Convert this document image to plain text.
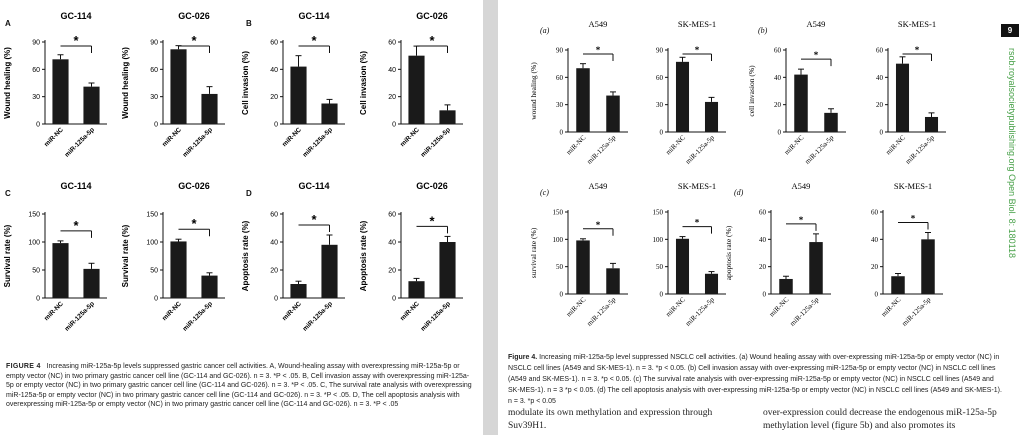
A	B
C	D
GC-114
Wound healing (%)
0
30
60
90
miR-NC
miR-125a-5p
*
GC-026
Wound healing (%)
0
30
60
90
miR-NC
miR-125a-5p
*
GC-114
Cell invasion (%)
0
20
40
60
miR-NC
miR-125a-5p
*
GC-026
Cell invasion (%)
0
20
40
60
miR-NC
miR-125a-5p
*
GC-114
Survival rate (%)
0
50
100
150
miR-NC
miR-125a-5p
*
GC-026
Survival rate (%)
0
50
100
150
miR-NC
miR-125a-5p
*
GC-114
Apoptosis rate (%)
0
20
40
60
miR-NC
miR-125a-5p
*
GC-026
Apoptosis rate (%)
0
20
40
60
miR-NC
miR-125a-5p
*
FIGURE 4 Increasing miR-125a-5p levels suppressed gastric cancer cell activities. A, Wound-healing assay with overexpressing miR-125a-5p or empty vector (NC) in two primary gastric cancer cell line (GC-114 and GC-026). n = 3. *P < .05. B, Cell invasion assay with overexpressing miR-125a-5p or empty vector (NC) in two primary gastric cancer cell line (GC-114 and GC-026). n = 3. *P < .05. C, The survival rate analysis with overexpressing miR-125a-5p or empty vector (NC) in two primary gastric cancer cell line (GC-114 and GC-026). n = 3. *P < .05. D, The cell apoptosis analysis with overexpressing miR-125a-5p or empty vector (NC) in two primary gastric cancer cell line (GC-114 and GC-026). n = 3. *P < .05
(a)	(b)
(c)	(d)
A549
wound healing (%)
0
30
60
90
miR-NC
miR-125a-5p
*
SK-MES-1
0
30
60
90
miR-NC
miR-125a-5p
*
A549
cell invasion (%)
0
20
40
60
miR-NC
miR-125a-5p
*
SK-MES-1
0
20
40
60
miR-NC
miR-125a-5p
*
A549
survival rate (%)
0
50
100
150
miR-NC
miR-125a-5p
*
SK-MES-1
0
50
100
150
miR-NC
miR-125a-5p
*
A549
apoptosis rate (%)
0
20
40
60
miR-NC
miR-125a-5p
*
SK-MES-1
0
20
40
60
miR-NC
miR-125a-5p
*
Figure 4. Increasing miR-125a-5p level suppressed NSCLC cell activities. (a) Wound healing assay with over-expressing miR-125a-5p or empty vector (NC) in NSCLC cell lines (A549 and SK-MES-1). n = 3. *p < 0.05. (b) Cell invasion assay with over-expressing miR-125a-5p or empty vector (NC) in NSCLC cell lines (A549 and SK-MES-1). n = 3. *p < 0.05. (c) The survival rate analysis with over-expressing miR-125a-5p or empty vector (NC) in NSCLC cell lines (A549 and SK-MES-1). n = 3 *p < 0.05. (d) The cell apoptosis analysis with over-expressing miR-125a-5p or empty vector (NC) in NSCLC cell lines (A549 and SK-MES-1). n = 3. *p < 0.05
modulate its own methylation and expression through Suv39H1.
over-expression could decrease the endogenous miR-125a-5p methylation level (figure 5b) and also promotes its
9
rsob.royalsocietypublishing.org Open Biol. 8: 180118
